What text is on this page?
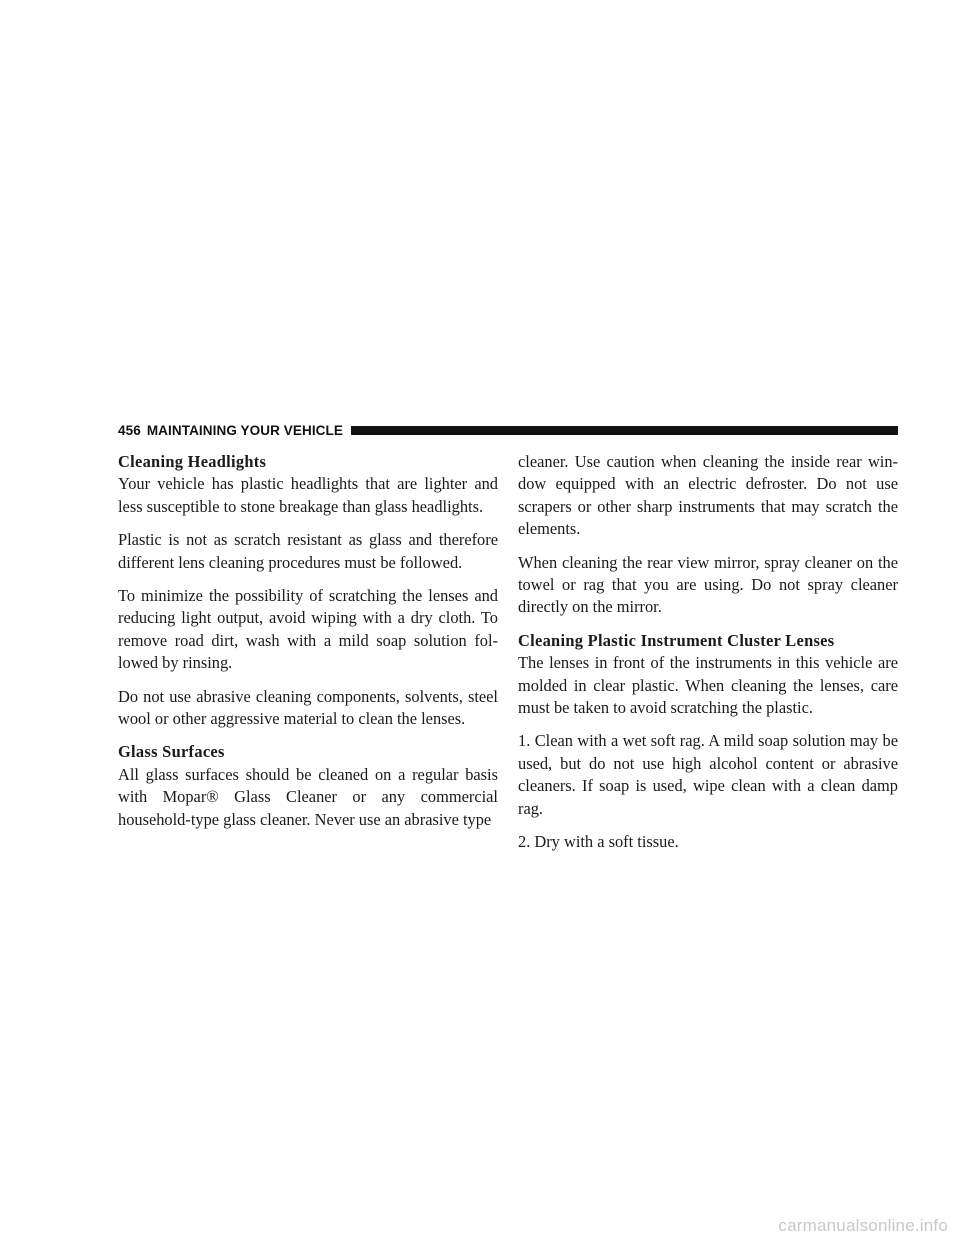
456 MAINTAINING YOUR VEHICLE
Cleaning Headlights

Your vehicle has plastic headlights that are lighter and less susceptible to stone breakage than glass headlights.

Plastic is not as scratch resistant as glass and therefore different lens cleaning procedures must be followed.

To minimize the possibility of scratching the lenses and reducing light output, avoid wiping with a dry cloth. To remove road dirt, wash with a mild soap solution fol-lowed by rinsing.

Do not use abrasive cleaning components, solvents, steel wool or other aggressive material to clean the lenses.

Glass Surfaces

All glass surfaces should be cleaned on a regular basis with Mopar® Glass Cleaner or any commercial household-type glass cleaner. Never use an abrasive type

cleaner. Use caution when cleaning the inside rear win-dow equipped with an electric defroster. Do not use scrapers or other sharp instruments that may scratch the elements.

When cleaning the rear view mirror, spray cleaner on the towel or rag that you are using. Do not spray cleaner directly on the mirror.

Cleaning Plastic Instrument Cluster Lenses

The lenses in front of the instruments in this vehicle are molded in clear plastic. When cleaning the lenses, care must be taken to avoid scratching the plastic.

1. Clean with a wet soft rag. A mild soap solution may be used, but do not use high alcohol content or abrasive cleaners. If soap is used, wipe clean with a clean damp rag.

2. Dry with a soft tissue.

carmanualsonline.info
